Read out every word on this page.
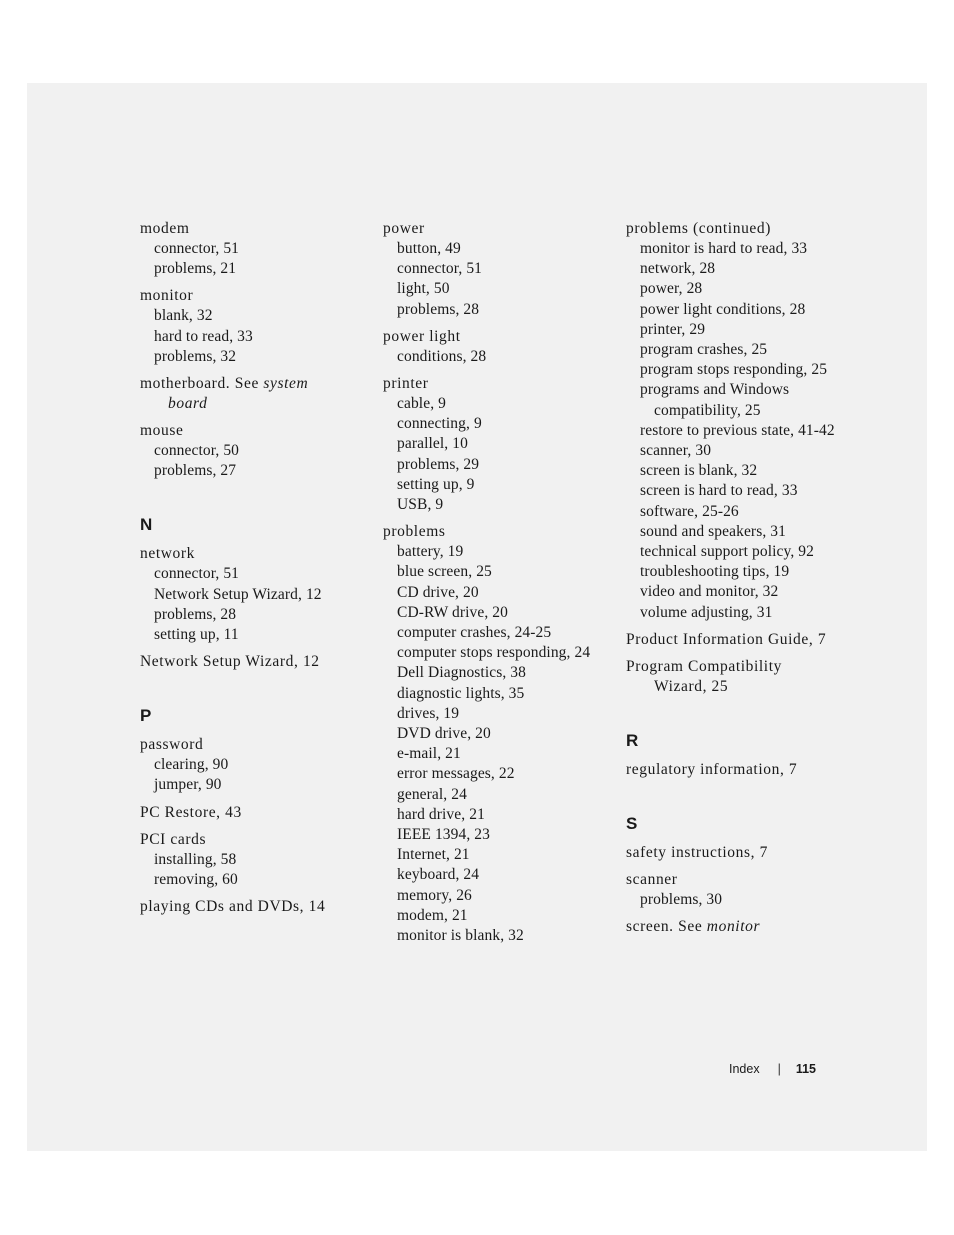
modem
connector, 51
problems, 21
monitor
blank, 32
hard to read, 33
problems, 32
motherboard. See system
board
mouse
connector, 50
problems, 27
N
network
connector, 51
Network Setup Wizard, 12
problems, 28
setting up, 11
Network Setup Wizard, 12
P
password
clearing, 90
jumper, 90
PC Restore, 43
PCI cards
installing, 58
removing, 60
playing CDs and DVDs, 14
power
button, 49
connector, 51
light, 50
problems, 28
power light
conditions, 28
printer
cable, 9
connecting, 9
parallel, 10
problems, 29
setting up, 9
USB, 9
problems
battery, 19
blue screen, 25
CD drive, 20
CD-RW drive, 20
computer crashes, 24-25
computer stops responding, 24
Dell Diagnostics, 38
diagnostic lights, 35
drives, 19
DVD drive, 20
e-mail, 21
error messages, 22
general, 24
hard drive, 21
IEEE 1394, 23
Internet, 21
keyboard, 24
memory, 26
modem, 21
monitor is blank, 32
problems (continued)
monitor is hard to read, 33
network, 28
power, 28
power light conditions, 28
printer, 29
program crashes, 25
program stops responding, 25
programs and Windows
compatibility, 25
restore to previous state, 41-42
scanner, 30
screen is blank, 32
screen is hard to read, 33
software, 25-26
sound and speakers, 31
technical support policy, 92
troubleshooting tips, 19
video and monitor, 32
volume adjusting, 31
Product Information Guide, 7
Program Compatibility
Wizard, 25
R
regulatory information, 7
S
safety instructions, 7
scanner
problems, 30
screen. See monitor
Index | 115
